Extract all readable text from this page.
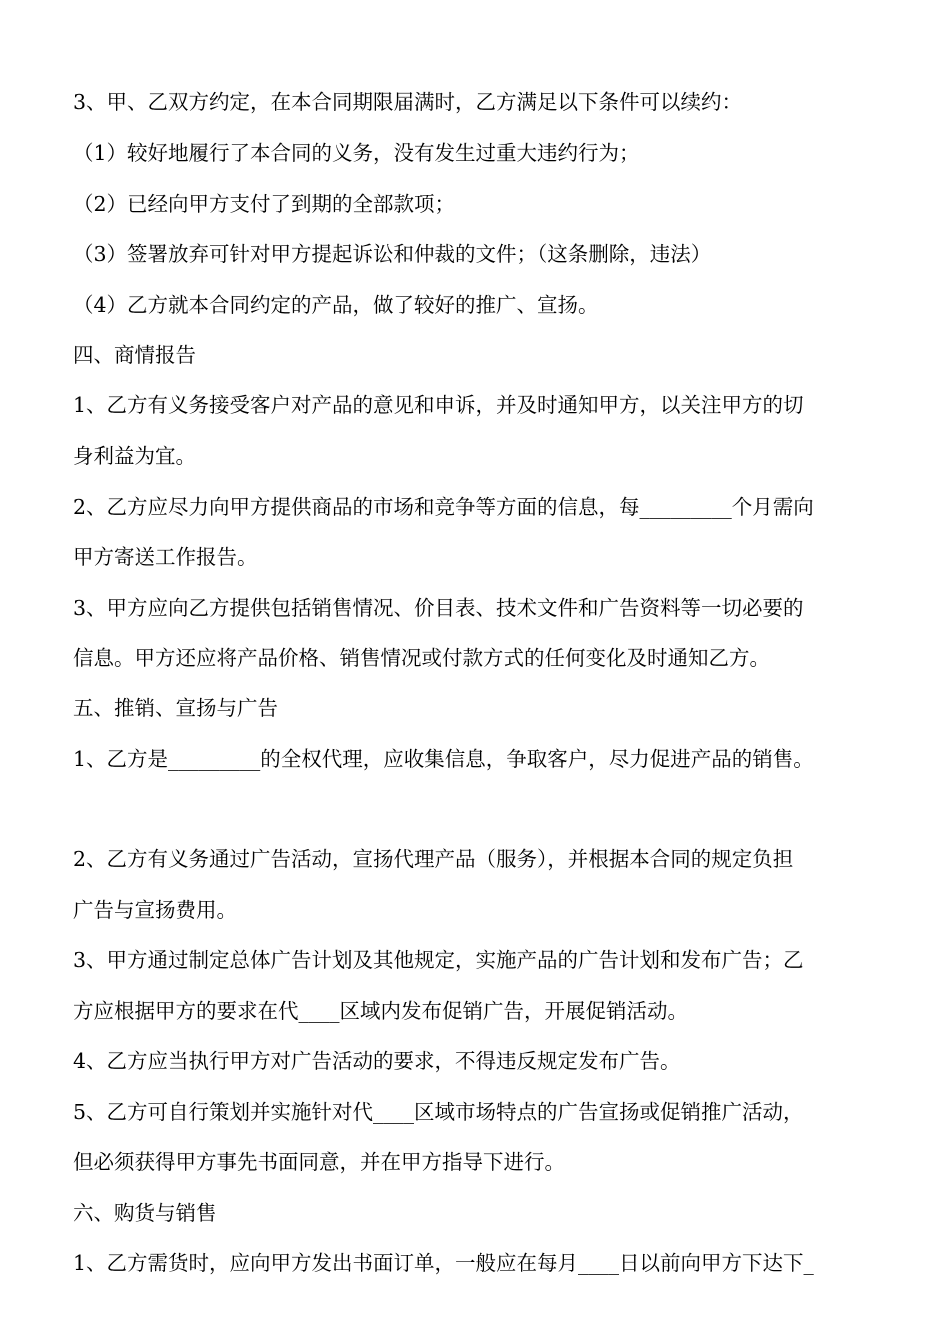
3、甲、乙双方约定，在本合同期限届满时，乙方满足以下条件可以续约：
（1）较好地履行了本合同的义务，没有发生过重大违约行为；
（2）已经向甲方支付了到期的全部款项；
（3）签署放弃可针对甲方提起诉讼和仲裁的文件；（这条删除，违法）
（4）乙方就本合同约定的产品，做了较好的推广、宣扬。
四、商情报告
1、乙方有义务接受客户对产品的意见和申诉，并及时通知甲方，以关注甲方的切
身利益为宜。
2、乙方应尽力向甲方提供商品的市场和竞争等方面的信息，每_________个月需向
甲方寄送工作报告。
3、甲方应向乙方提供包括销售情况、价目表、技术文件和广告资料等一切必要的
信息。甲方还应将产品价格、销售情况或付款方式的任何变化及时通知乙方。
五、推销、宣扬与广告
1、乙方是_________的全权代理，应收集信息，争取客户，尽力促进产品的销售。
2、乙方有义务通过广告活动，宣扬代理产品（服务），并根据本合同的规定负担
广告与宣扬费用。
3、甲方通过制定总体广告计划及其他规定，实施产品的广告计划和发布广告；乙
方应根据甲方的要求在代____区域内发布促销广告，开展促销活动。
4、乙方应当执行甲方对广告活动的要求，不得违反规定发布广告。
5、乙方可自行策划并实施针对代____区域市场特点的广告宣扬或促销推广活动，
但必须获得甲方事先书面同意，并在甲方指导下进行。
六、购货与销售
1、乙方需货时，应向甲方发出书面订单，一般应在每月____日以前向甲方下达下_
